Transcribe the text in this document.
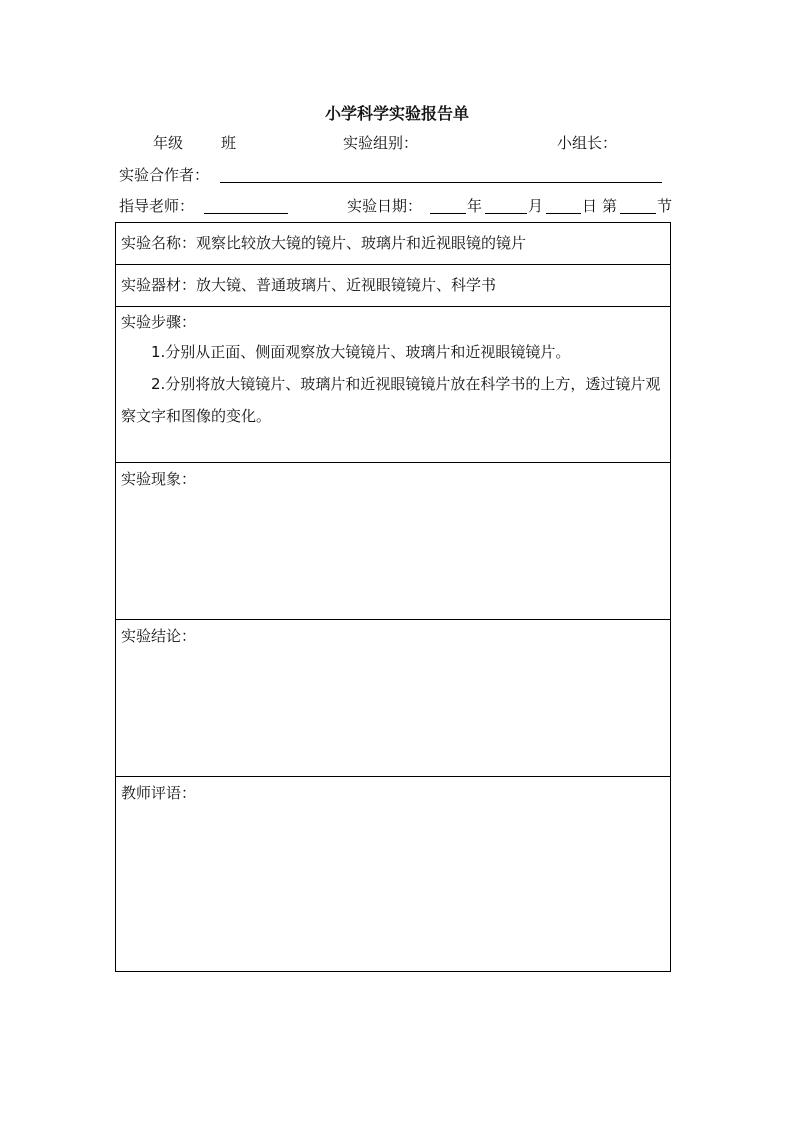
小学科学实验报告单
年级	班	实验组别：	小组长：
实验合作者：
指导老师：	实验日期：	年	月	日 第	节
实验名称：观察比较放大镜的镜片、玻璃片和近视眼镜的镜片
实验器材：放大镜、普通玻璃片、近视眼镜镜片、科学书
实验步骤：
1.分别从正面、侧面观察放大镜镜片、玻璃片和近视眼镜镜片。
2.分别将放大镜镜片、玻璃片和近视眼镜镜片放在科学书的上方，透过镜片观察文字和图像的变化。
实验现象：
实验结论：
教师评语：
